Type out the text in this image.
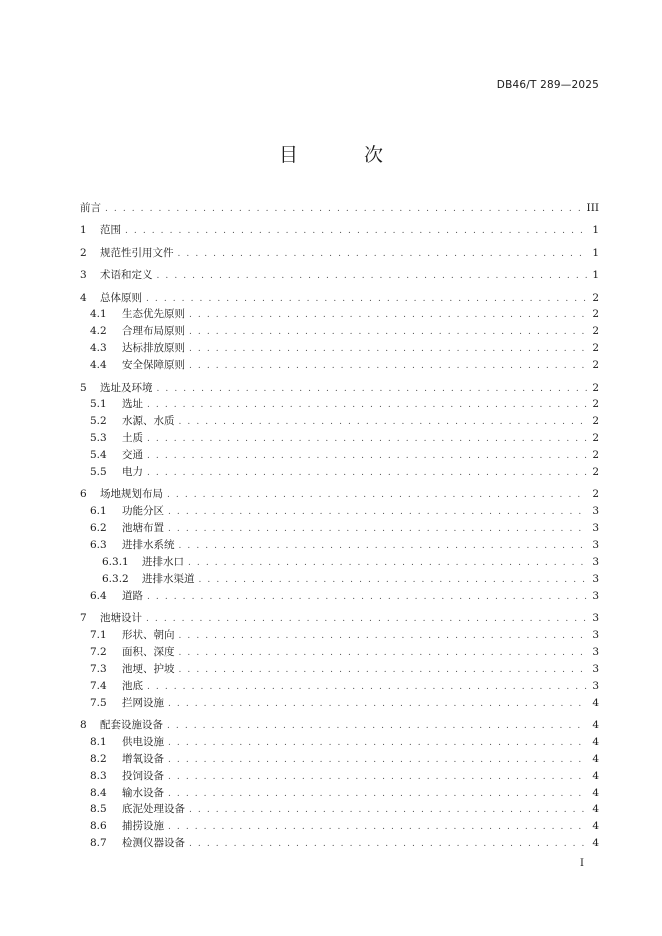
DB46/T 289—2025
目 次
前言 . . .	III
1	范围 . . .	1
2	规范性引用文件 . . .	1
3	术语和定义 . . .	1
4	总体原则 . . .	2
4.1	生态优先原则 . . .	2
4.2	合理布局原则 . . .	2
4.3	达标排放原则 . . .	2
4.4	安全保障原则 . . .	2
5	选址及环境 . . .	2
5.1	选址 . . .	2
5.2	水源、水质 . . .	2
5.3	土质 . . .	2
5.4	交通 . . .	2
5.5	电力 . . .	2
6	场地规划布局 . . .	2
6.1	功能分区 . . .	3
6.2	池塘布置 . . .	3
6.3	进排水系统 . . .	3
6.3.1	进排水口 . . .	3
6.3.2	进排水渠道 . . .	3
6.4	道路 . . .	3
7	池塘设计 . . .	3
7.1	形状、朝向 . . .	3
7.2	面积、深度 . . .	3
7.3	池埂、护坡 . . .	3
7.4	池底 . . .	3
7.5	拦网设施 . . .	4
8	配套设施设备 . . .	4
8.1	供电设施 . . .	4
8.2	增氧设备 . . .	4
8.3	投饲设备 . . .	4
8.4	输水设备 . . .	4
8.5	底泥处理设备 . . .	4
8.6	捕捞设施 . . .	4
8.7	检测仪器设备 . . .	4
I
